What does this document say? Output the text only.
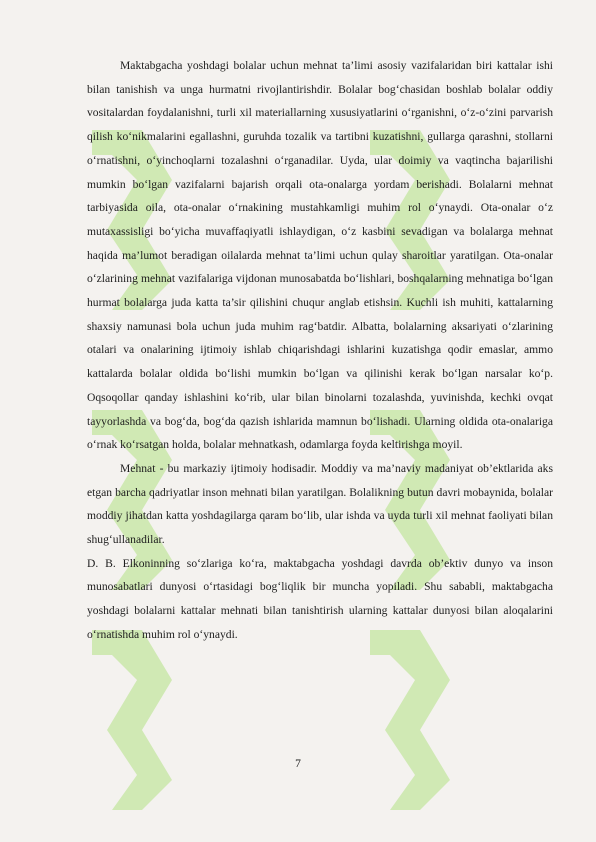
Maktabgacha yoshdagi bolalar uchun mehnat ta’limi asosiy vazifalaridan biri kattalar ishi bilan tanishish va unga hurmatni rivojlantirishdir. Bolalar bog‘chasidan boshlab bolalar oddiy vositalardan foydalanishni, turli xil materiallarning xususiyatlarini o‘rganishni, o‘z-o‘zini parvarish qilish ko‘nikmalarini egallashni, guruhda tozalik va tartibni kuzatishni, gullarga qarashni, stollarni o‘rnatishni, o‘yinchoqlarni tozalashni o‘rganadilar. Uyda, ular doimiy va vaqtincha bajarilishi mumkin bo‘lgan vazifalarni bajarish orqali ota-onalarga yordam berishadi. Bolalarni mehnat tarbiyasida oila, ota-onalar o‘rnakining mustahkamligi muhim rol o‘ynaydi. Ota-onalar o‘z mutaxassisligi bo‘yicha muvaffaqiyatli ishlaydigan, o‘z kasbini sevadigan va bolalarga mehnat haqida ma’lumot beradigan oilalarda mehnat ta’limi uchun qulay sharoitlar yaratilgan. Ota-onalar o‘zlarining mehnat vazifalariga vijdonan munosabatda bo‘lishlari, boshqalarning mehnatiga bo‘lgan hurmat bolalarga juda katta ta’sir qilishini chuqur anglab etishsin. Kuchli ish muhiti, kattalarning shaxsiy namunasi bola uchun juda muhim rag‘batdir. Albatta, bolalarning aksariyati o‘zlarining otalari va onalarining ijtimoiy ishlab chiqarishdagi ishlarini kuzatishga qodir emaslar, ammo kattalarda bolalar oldida bo‘lishi mumkin bo‘lgan va qilinishi kerak bo‘lgan narsalar ko‘p. Oqsoqollar qanday ishlashini ko‘rib, ular bilan binolarni tozalashda, yuvinishda, kechki ovqat tayyorlashda va bog‘da, bog‘da qazish ishlarida mamnun bo‘lishadi. Ularning oldida ota-onalariga o‘rnak ko‘rsatgan holda, bolalar mehnatkash, odamlarga foyda keltirishga moyil.

Mehnat - bu markaziy ijtimoiy hodisadir. Moddiy va ma’naviy madaniyat ob’ektlarida aks etgan barcha qadriyatlar inson mehnati bilan yaratilgan. Bolalikning butun davri mobaynida, bolalar moddiy jihatdan katta yoshdagilarga qaram bo‘lib, ular ishda va uyda turli xil mehnat faoliyati bilan shug‘ullanadilar.

D. B. Elkoninning so‘zlariga ko‘ra, maktabgacha yoshdagi davrda ob’ektiv dunyo va inson munosabatlari dunyosi o‘rtasidagi bog‘liqlik bir muncha yopiladi. Shu sababli, maktabgacha yoshdagi bolalarni kattalar mehnati bilan tanishtirish ularning kattalar dunyosi bilan aloqalarini o‘rnatishda muhim rol o‘ynaydi.

7
